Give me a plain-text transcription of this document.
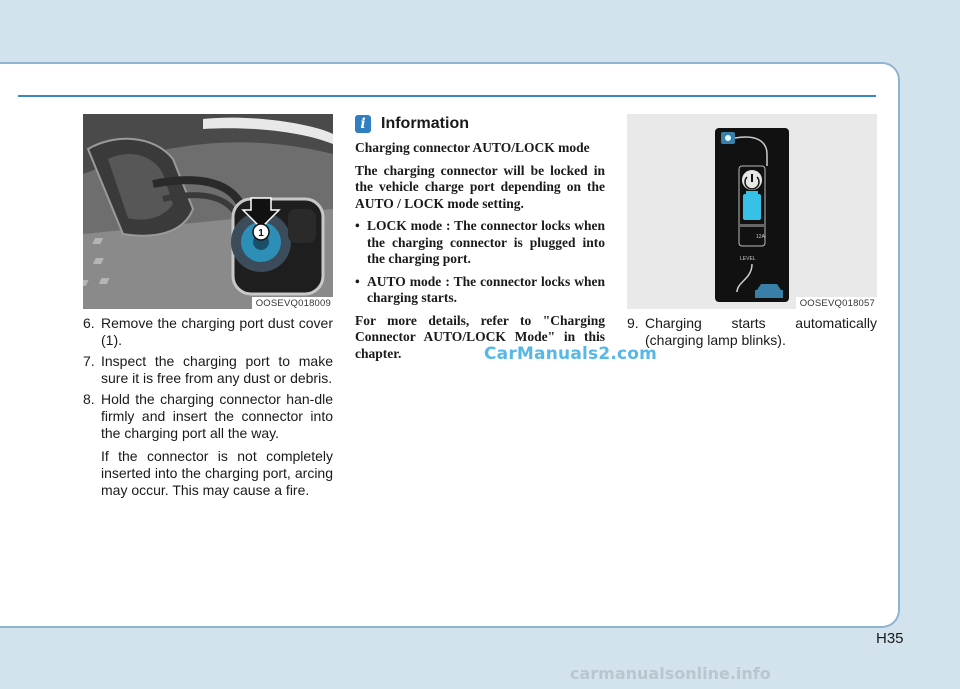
1
OOSEVQ018009
6. Remove the charging port dust cover (1).
7. Inspect the charging port to make sure it is free from any dust or debris.
8. Hold the charging connector han-dle firmly and insert the connector into the charging port all the way.

If the connector is not completely inserted into the charging port, arcing may occur. This may cause a fire.

i Information

Charging connector AUTO/LOCK mode

The charging connector will be locked in the vehicle charge port depending on the AUTO / LOCK mode setting.

• LOCK mode : The connector locks when the charging connector is plugged into the charging port.
• AUTO mode : The connector locks when charging starts.

For more details, refer to "Charging Connector AUTO/LOCK Mode" in this chapter.

12A
LEVEL
OOSEVQ018057
9. Charging starts automatically (charging lamp blinks).
CarManuals2.com
H35
carmanualsonline.info
